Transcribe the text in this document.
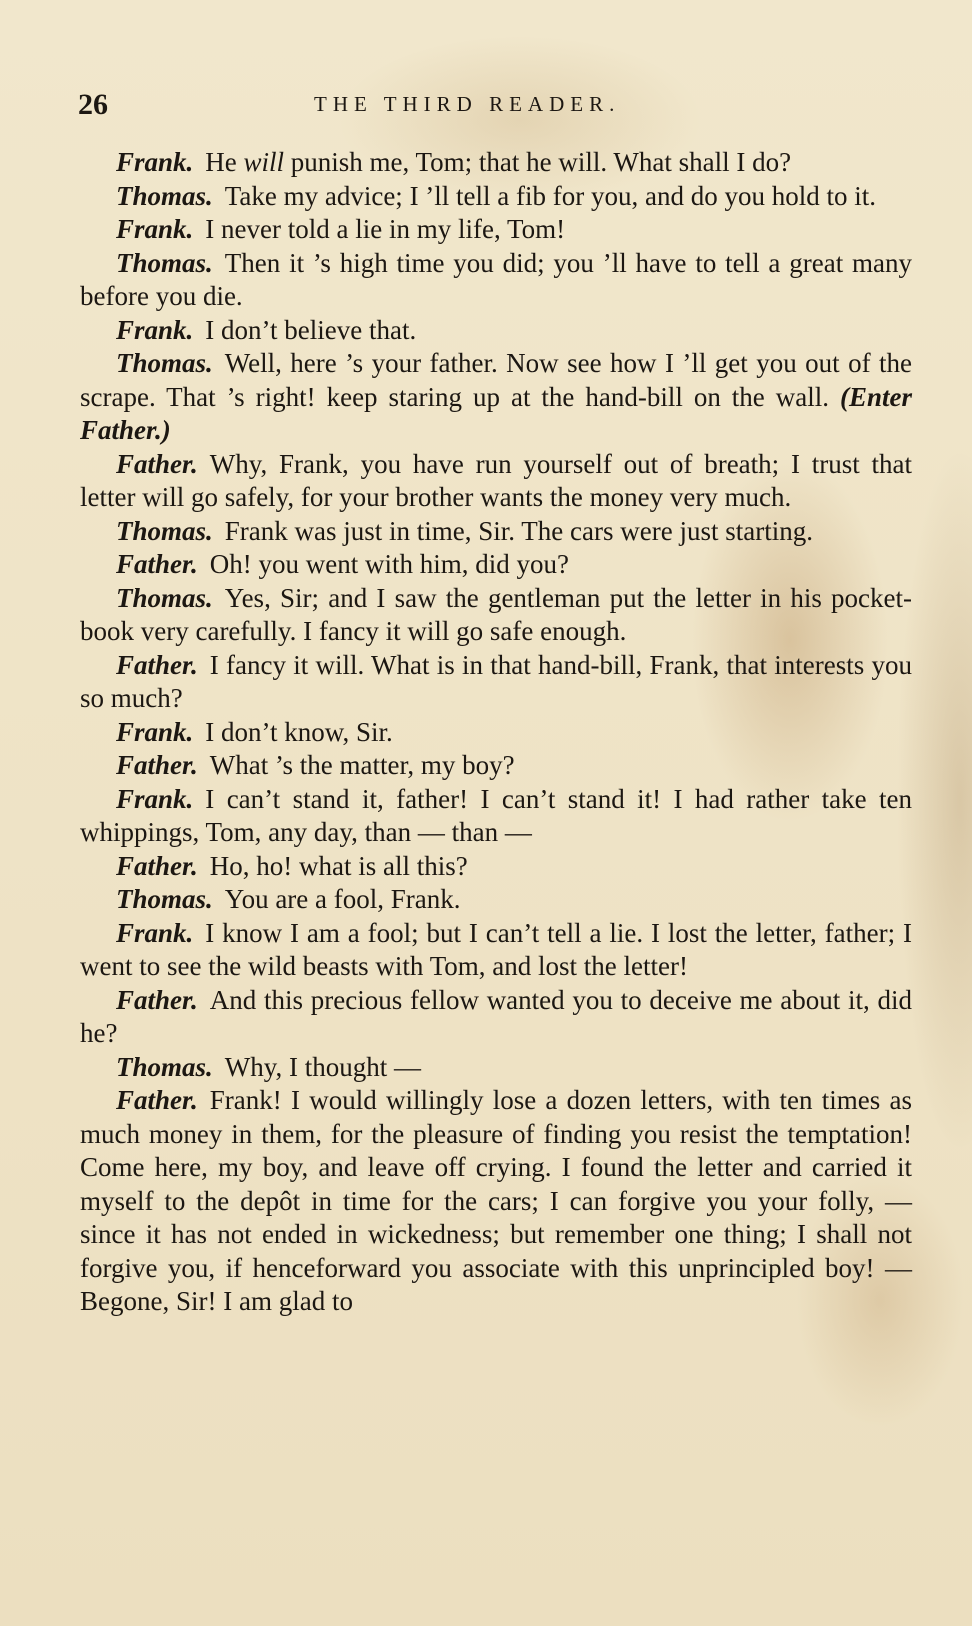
26	THE THIRD READER.

Frank. He will punish me, Tom; that he will. What shall I do?

Thomas. Take my advice; I ’ll tell a fib for you, and do you hold to it.

Frank. I never told a lie in my life, Tom!

Thomas. Then it ’s high time you did; you ’ll have to tell a great many before you die.

Frank. I don’t believe that.

Thomas. Well, here ’s your father. Now see how I ’ll get you out of the scrape. That ’s right! keep staring up at the hand-bill on the wall. (Enter Father.)

Father. Why, Frank, you have run yourself out of breath; I trust that letter will go safely, for your brother wants the money very much.

Thomas. Frank was just in time, Sir. The cars were just starting.

Father. Oh! you went with him, did you?

Thomas. Yes, Sir; and I saw the gentleman put the letter in his pocket-book very carefully. I fancy it will go safe enough.

Father. I fancy it will. What is in that hand-bill, Frank, that interests you so much?

Frank. I don’t know, Sir.

Father. What ’s the matter, my boy?

Frank. I can’t stand it, father! I can’t stand it! I had rather take ten whippings, Tom, any day, than — than —

Father. Ho, ho! what is all this?

Thomas. You are a fool, Frank.

Frank. I know I am a fool; but I can’t tell a lie. I lost the letter, father; I went to see the wild beasts with Tom, and lost the letter!

Father. And this precious fellow wanted you to deceive me about it, did he?

Thomas. Why, I thought —

Father. Frank! I would willingly lose a dozen letters, with ten times as much money in them, for the pleasure of finding you resist the temptation! Come here, my boy, and leave off crying. I found the letter and carried it myself to the depôt in time for the cars; I can forgive you your folly, — since it has not ended in wickedness; but remember one thing; I shall not forgive you, if henceforward you associate with this unprincipled boy! — Begone, Sir! I am glad to
